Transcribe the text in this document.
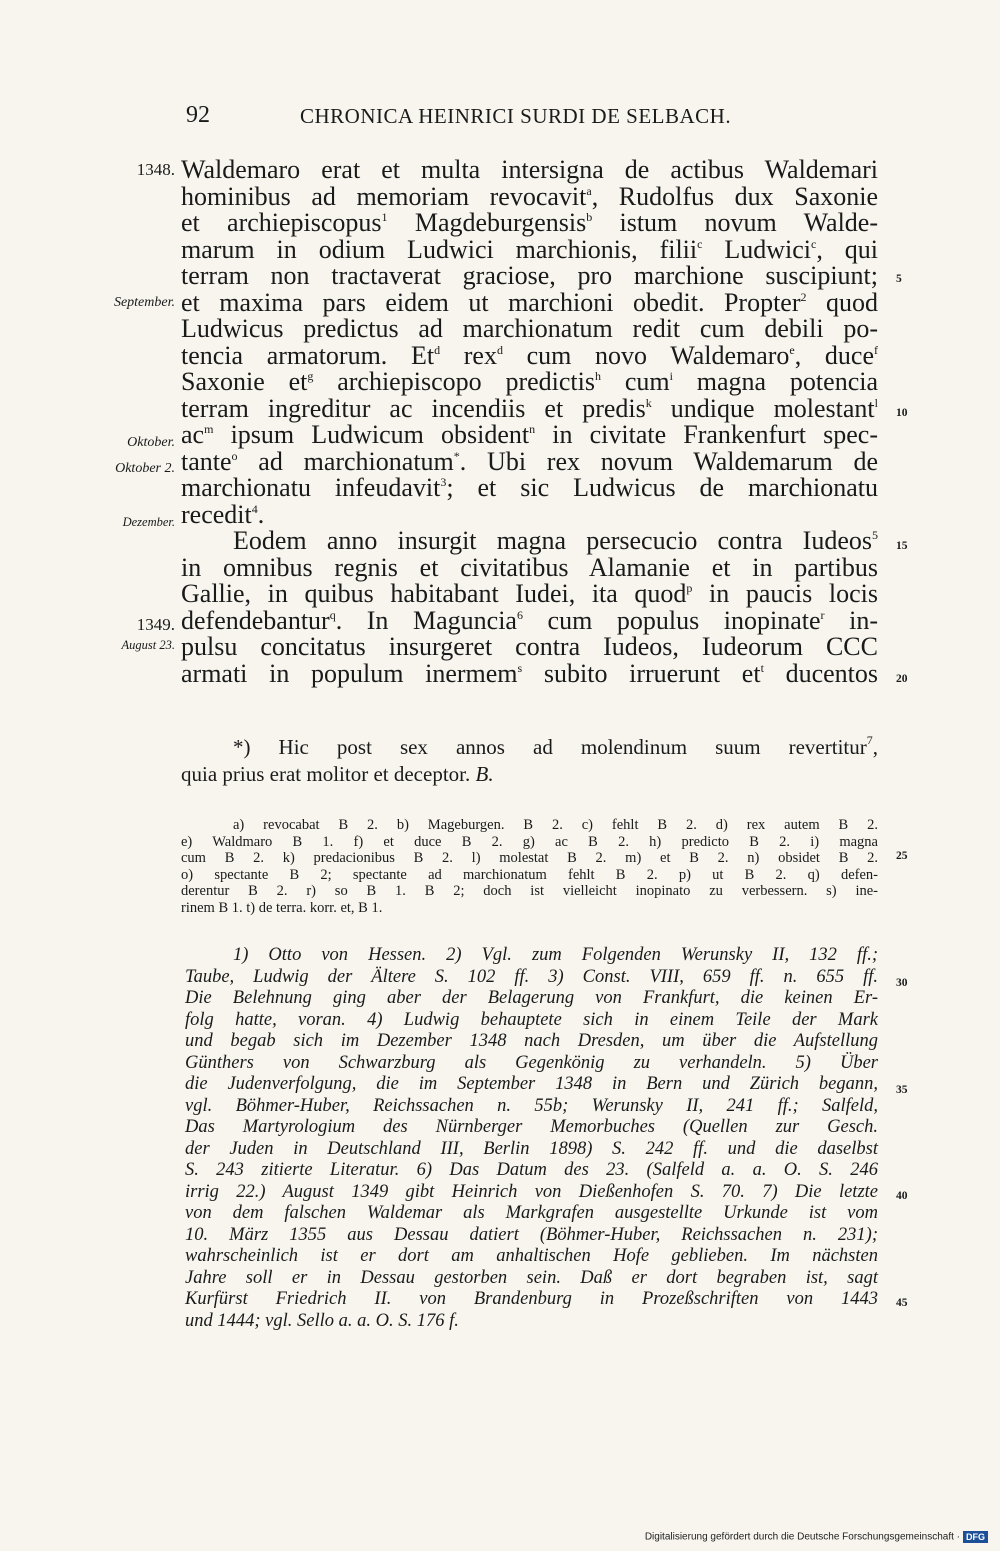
92	CHRONICA HEINRICI SURDI DE SELBACH.
1348.
September.
Oktober.
Oktober 2.
Dezember.
1349.
August 23.
5
10
15
20
25
30
35
40
45
Waldemaro erat et multa intersigna de actibus Waldemari
hominibus ad memoriam revocavit$^a$, Rudolfus dux Saxonie
et archiepiscopus$^1$ Magdeburgensis$^b$ istum novum Walde-
marum in odium Ludwici marchionis, filii$^c$ Ludwici$^c$, qui
terram non tractaverat graciose, pro marchione suscipiunt;
et maxima pars eidem ut marchioni obedit. Propter$^2$ quod
Ludwicus predictus ad marchionatum redit cum debili po-
tencia armatorum. Et$^d$ rex$^d$ cum novo Waldemaro$^e$, duce$^f$
Saxonie $et^g$ archiepiscopo predictis$^h$ cum$^i$ magna potencia
terram ingreditur ac incendiis et predis$^k$ undique molestant$^l$
$ac^m$ ipsum Ludwicum obsident$^n$ in civitate Frankenfurt spec-
tante$^o$ ad marchionatum*. Ubi rex novum Waldemarum de
marchionatu infeudavit$^3$; et sic Ludwicus de marchionatu
recedit$^4$.
Eodem anno insurgit magna persecucio contra Iudeos$^5$
in omnibus regnis et civitatibus Alamanie et in partibus
Gallie, in quibus habitabant Iudei, ita quod$^p$ in paucis locis
defendebantur$^q$. In Maguncia$^6$ cum populus inopinate$^r$ in-
pulsu concitatus insurgeret contra Iudeos, Iudeorum CCC
armati in populum inermem$^s$ subito irruerunt $et^t$ ducentos
*) Hic post sex annos ad molendinum suum revertitur$^7$,
quia prius erat molitor et deceptor. B.
a) revocabat B 2. b) Mageburgen. B 2. c) fehlt B 2. d) rex autem B 2.
e) Waldmaro B 1. f) et duce B 2. g) ac B 2. h) predicto B 2. i) magna
cum B 2. k) predacionibus B 2. l) molestat B 2. m) et B 2. n) obsidet B 2.
o) spectante B 2; spectante ad marchionatum fehlt B 2. p) ut B 2. q) defen-
derentur B 2. r) so B 1. B 2; doch ist vielleicht inopinato zu verbessern. s) ine-
rinem B 1. t) de terra. korr. et, B 1.
1) Otto von Hessen. 2) Vgl. zum Folgenden Werunsky II, 132 ff.;
Taube, Ludwig der Ältere S. 102 ff. 3) Const. VIII, 659 ff. n. 655 ff.
Die Belehnung ging aber der Belagerung von Frankfurt, die keinen Er-
folg hatte, voran. 4) Ludwig behauptete sich in einem Teile der Mark
und begab sich im Dezember 1348 nach Dresden, um über die Aufstellung
Günthers von Schwarzburg als Gegenkönig zu verhandeln. 5) Über
die Judenverfolgung, die im September 1348 in Bern und Zürich begann,
vgl. Böhmer-Huber, Reichssachen n. 55b; Werunsky II, 241 ff.; Salfeld,
Das Martyrologium des Nürnberger Memorbuches (Quellen zur Gesch.
der Juden in Deutschland III, Berlin 1898) S. 242 ff. und die daselbst
S. 243 zitierte Literatur. 6) Das Datum des 23. (Salfeld a. a. O. S. 246
irrig 22.) August 1349 gibt Heinrich von Dießenhofen S. 70. 7) Die letzte
von dem falschen Waldemar als Markgrafen ausgestellte Urkunde ist vom
10. März 1355 aus Dessau datiert (Böhmer-Huber, Reichssachen n. 231);
wahrscheinlich ist er dort am anhaltischen Hofe geblieben. Im nächsten
Jahre soll er in Dessau gestorben sein. Daß er dort begraben ist, sagt
Kurfürst Friedrich II. von Brandenburg in Prozeßschriften von 1443
und 1444; vgl. Sello a. a. O. S. 176 f.
Digitalisierung gefördert durch die Deutsche Forschungsgemeinschaft · DFG
